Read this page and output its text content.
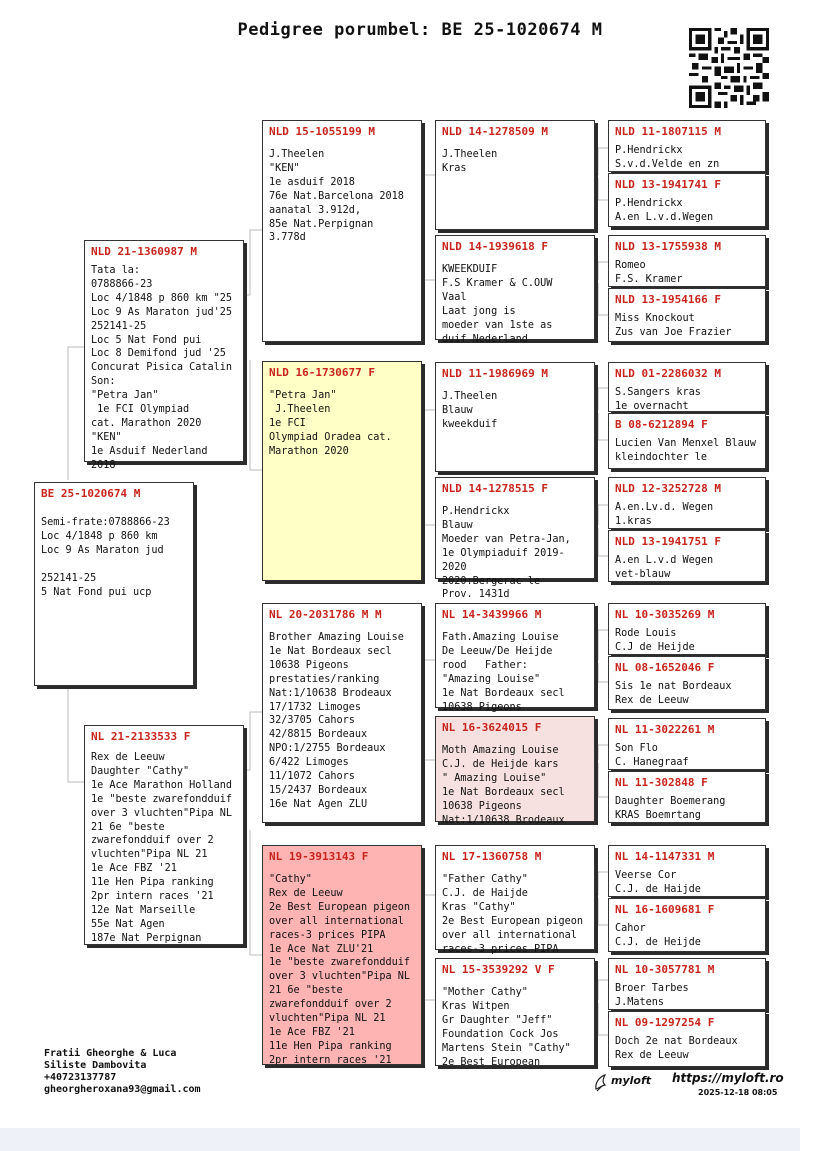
Pedigree porumbel: BE 25-1020674 M
BE 25-1020674 M
Semi-frate:0788866-23
Loc 4/1848 p 860 km
Loc 9 As Maraton jud

252141-25
5 Nat Fond pui ucp
NLD 21-1360987 M
Tata la:
0788866-23
Loc 4/1848 p 860 km "25
Loc 9 As Maraton jud'25
252141-25
Loc 5 Nat Fond pui
Loc 8 Demifond jud '25
Concurat Pisica Catalin
Son:
"Petra Jan"
1e FCI Olympiad
cat. Marathon 2020
"KEN"
1e Asduif Nederland 2018
NL 21-2133533 F
Rex de Leeuw
Daughter "Cathy"
1e Ace Marathon Holland
1e "beste zwarefondduif over 3 vluchten"Pipa NL 21 6e "beste zwarefondduif over 2 vluchten"Pipa NL 21
1e Ace FBZ '21
11e Hen Pipa ranking
2pr intern races '21
12e Nat Marseille
55e Nat Agen
187e Nat Perpignan
NLD 15-1055199 M
J.Theelen
"KEN"
1e asduif 2018
76e Nat.Barcelona 2018 aanatal 3.912d,
85e Nat.Perpignan
3.778d
NLD 16-1730677 F
"Petra Jan"
J.Theelen
1e FCI
Olympiad Oradea cat.
Marathon 2020
NL 20-2031786 M M
Brother Amazing Louise
1e Nat Bordeaux secl
10638 Pigeons
prestaties/ranking
Nat:1/10638 Brodeaux
17/1732 Limoges
32/3705 Cahors
42/8815 Bordeaux
NPO:1/2755 Bordeaux
6/422 Limoges
11/1072 Cahors
15/2437 Bordeaux
16e Nat Agen ZLU
NL 19-3913143 F
"Cathy"
Rex de Leeuw
2e Best European pigeon over all international races-3 prices PIPA
1e Ace Nat ZLU'21
1e "beste zwarefondduif over 3 vluchten"Pipa NL 21 6e "beste zwarefondduif over 2 vluchten"Pipa NL 21
1e Ace FBZ '21
11e Hen Pipa ranking
2pr intern races '21
NLD 14-1278509 M
J.Theelen
Kras
NLD 14-1939618 F
KWEEKDUIF
F.S Kramer & C.OUW
Vaal
Laat jong is
moeder van 1ste as
duif Nederland
NLD 11-1986969 M
J.Theelen
Blauw
kweekduif
NLD 14-1278515 F
P.Hendrickx
Blauw
Moeder van Petra-Jan,
1e Olympiaduif 2019-2020
2020:Bergerac le
Prov. 1431d
NL 14-3439966 M
Fath.Amazing Louise
De Leeuw/De Heijde
rood   Father:
"Amazing Louise"
1e Nat Bordeaux secl
10638 Pigeons
NL 16-3624015 F
Moth Amazing Louise
C.J. de Heijde kars
" Amazing Louise"
1e Nat Bordeaux secl
10638 Pigeons
Nat:1/10638 Brodeaux
NL 17-1360758 M
"Father Cathy"
C.J. de Haijde
Kras "Cathy"
2e Best European pigeon over all international races-3 prices PIPA
NL 15-3539292 V F
"Mother Cathy"
Kras Witpen
Gr Daughter "Jeff"
Foundation Cock Jos
Martens Stein "Cathy"
2e Best European
NLD 11-1807115 M
P.Hendrickx
S.v.d.Velde en zn
NLD 13-1941741 F
P.Hendrickx
A.en L.v.d.Wegen
NLD 13-1755938 M
Romeo
F.S. Kramer
NLD 13-1954166 F
Miss Knockout
Zus van Joe Frazier
NLD 01-2286032 M
S.Sangers kras
1e overnacht
B 08-6212894 F
Lucien Van Menxel Blauw
kleindochter le
NLD 12-3252728 M
A.en.Lv.d. Wegen
1.kras
NLD 13-1941751 F
A.en L.v.d Wegen
vet-blauw
NL 10-3035269 M
Rode Louis
C.J de Heijde
NL 08-1652046 F
Sis 1e nat Bordeaux
Rex de Leeuw
NL 11-3022261 M
Son Flo
C. Hanegraaf
NL 11-302848 F
Daughter Boemerang
KRAS Boemrtang
NL 14-1147331 M
Veerse Cor
C.J. de Haijde
NL 16-1609681 F
Cahor
C.J. de Heijde
NL 10-3057781 M
Broer Tarbes
J.Matens
NL 09-1297254 F
Doch 2e nat Bordeaux
Rex de Leeuw
Fratii Gheorghe & Luca
Siliste Dambovita
+40723137787
gheorgheroxana93@gmail.com
myloft https://myloft.ro
2025-12-18 08:05
